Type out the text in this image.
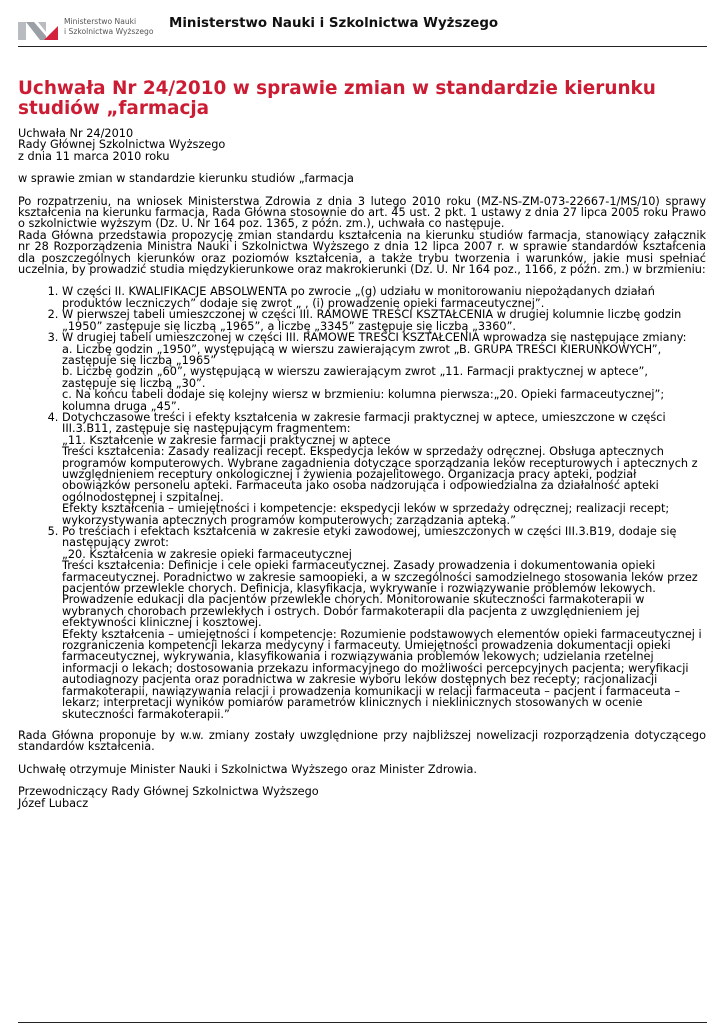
Ministerstwo Nauki
i Szkolnictwa Wyższego
Ministerstwo Nauki i Szkolnictwa Wyższego
Uchwała Nr 24/2010 w sprawie zmian w standardzie kierunku studiów „farmacja

Uchwała Nr 24/2010

Rady Głównej Szkolnictwa Wyższego

z dnia 11 marca 2010 roku

w sprawie zmian w standardzie kierunku studiów „farmacja

Po rozpatrzeniu, na wniosek Ministerstwa Zdrowia z dnia 3 lutego 2010 roku (MZ-NS-ZM-073-22667-1/MS/10) sprawy kształcenia na kierunku farmacja, Rada Główna stosownie do art. 45 ust. 2 pkt. 1 ustawy z dnia 27 lipca 2005 roku Prawo o szkolnictwie wyższym (Dz. U. Nr 164 poz. 1365, z późn. zm.), uchwała co następuje.

Rada Główna przedstawia propozycję zmian standardu kształcenia na kierunku studiów farmacja, stanowiący załącznik nr 28 Rozporządzenia Ministra Nauki i Szkolnictwa Wyższego z dnia 12 lipca 2007 r. w sprawie standardów kształcenia dla poszczególnych kierunków oraz poziomów kształcenia, a także trybu tworzenia i warunków, jakie musi spełniać uczelnia, by prowadzić studia międzykierunkowe oraz makrokierunki (Dz. U. Nr 164 poz., 1166, z późn. zm.) w brzmieniu:

1. W części II. KWALIFIKACJE ABSOLWENTA po zwrocie „(g) udziału w monitorowaniu niepożądanych działań produktów leczniczych” dodaje się zwrot „ , (i) prowadzenie opieki farmaceutycznej”.
2. W pierwszej tabeli umieszczonej w części III. RAMOWE TREŚCI KSZTAŁCENIA w drugiej kolumnie liczbę godzin „1950” zastępuje się liczbą „1965”, a liczbę „3345” zastępuje się liczbą „3360”.
3. W drugiej tabeli umieszczonej w części III. RAMOWE TREŚCI KSZTAŁCENIA wprowadza się następujące zmiany:
a. Liczbę godzin „1950”, występującą w wierszu zawierającym zwrot „B. GRUPA TREŚCI KIERUNKOWYCH”, zastępuje się liczbą „1965”
b. Liczbę godzin „60”, występującą w wierszu zawierającym zwrot „11. Farmacji praktycznej w aptece”, zastępuje się liczbą „30”.
c. Na końcu tabeli dodaje się kolejny wiersz w brzmieniu: kolumna pierwsza:„20. Opieki farmaceutycznej”; kolumna druga „45”.
4. Dotychczasowe treści i efekty kształcenia w zakresie farmacji praktycznej w aptece, umieszczone w części III.3.B11, zastępuje się następującym fragmentem:
„11. Kształcenie w zakresie farmacji praktycznej w aptece
Treści kształcenia: Zasady realizacji recept. Ekspedycja leków w sprzedaży odręcznej. Obsługa aptecznych programów komputerowych. Wybrane zagadnienia dotyczące sporządzania leków recepturowych i aptecznych z uwzględnieniem receptury onkologicznej i żywienia pozajelitowego. Organizacja pracy apteki, podział obowiązków personelu apteki. Farmaceuta jako osoba nadzorująca i odpowiedzialna za działalność apteki ogólnodostępnej i szpitalnej.
Efekty kształcenia – umiejętności i kompetencje: ekspedycji leków w sprzedaży odręcznej; realizacji recept; wykorzystywania aptecznych programów komputerowych; zarządzania apteką.”
5. Po treściach i efektach kształcenia w zakresie etyki zawodowej, umieszczonych w części III.3.B19, dodaje się następujący zwrot:
„20. Kształcenia w zakresie opieki farmaceutycznej
Treści kształcenia: Definicje i cele opieki farmaceutycznej. Zasady prowadzenia i dokumentowania opieki farmaceutycznej. Poradnictwo w zakresie samoopieki, a w szczególności samodzielnego stosowania leków przez pacjentów przewlekle chorych. Definicja, klasyfikacja, wykrywanie i rozwiązywanie problemów lekowych. Prowadzenie edukacji dla pacjentów przewlekle chorych. Monitorowanie skuteczności farmakoterapii w wybranych chorobach przewlekłych i ostrych. Dobór farmakoterapii dla pacjenta z uwzględnieniem jej efektywności klinicznej i kosztowej.
Efekty kształcenia – umiejętności i kompetencje: Rozumienie podstawowych elementów opieki farmaceutycznej i rozgraniczenia kompetencji lekarza medycyny i farmaceuty. Umiejętności prowadzenia dokumentacji opieki farmaceutycznej, wykrywania, klasyfikowania i rozwiązywania problemów lekowych; udzielania rzetelnej informacji o lekach; dostosowania przekazu informacyjnego do możliwości percepcyjnych pacjenta; weryfikacji autodiagnozy pacjenta oraz poradnictwa w zakresie wyboru leków dostępnych bez recepty; racjonalizacji farmakoterapii, nawiązywania relacji i prowadzenia komunikacji w relacji farmaceuta – pacjent i farmaceuta – lekarz; interpretacji wyników pomiarów parametrów klinicznych i nieklinicznych stosowanych w ocenie skuteczności farmakoterapii.”

Rada Główna proponuje by w.w. zmiany zostały uwzględnione przy najbliższej nowelizacji rozporządzenia dotyczącego standardów kształcenia.

Uchwałę otrzymuje Minister Nauki i Szkolnictwa Wyższego oraz Minister Zdrowia.

Przewodniczący Rady Głównej Szkolnictwa Wyższego

Józef Lubacz
